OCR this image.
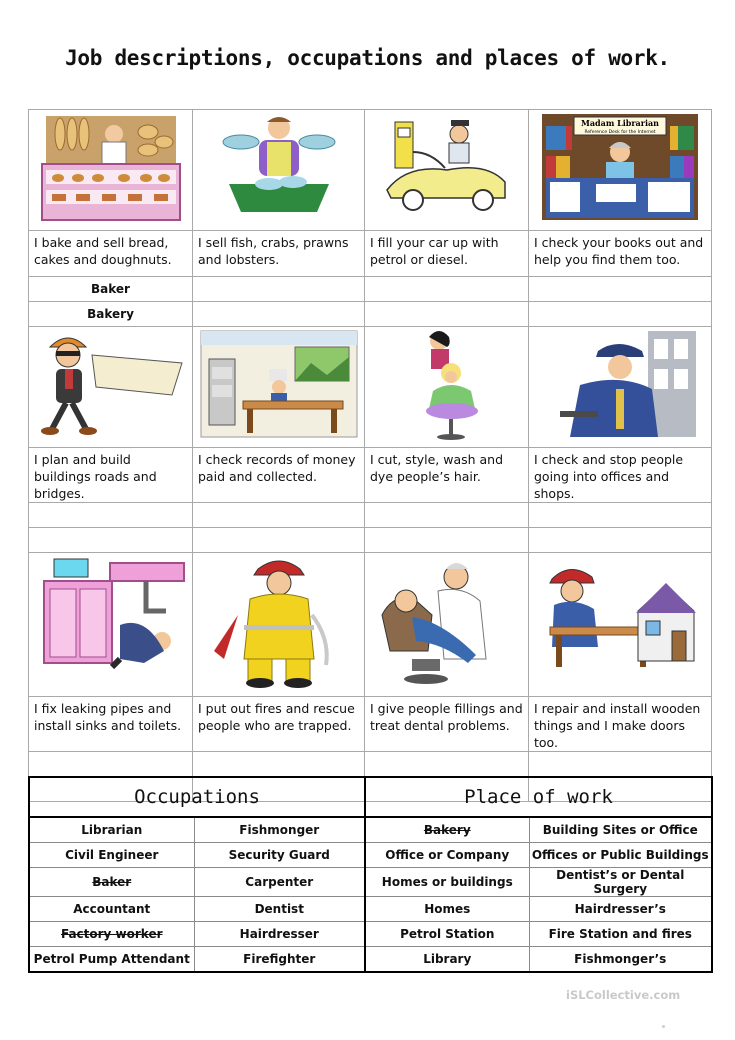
Job descriptions, occupations and places of work.

Madam Librarian
Reference Desk for the Internet

I bake and sell bread, cakes and doughnuts.	I sell fish, crabs, prawns and lobsters.	I fill your car up with petrol or diesel.	I check your books out and help you find them too.
Baker			
Bakery			

I plan and build buildings roads and bridges.	I check records of money paid and collected.	I cut, style, wash and dye people’s hair.	I check and stop people going into offices and shops.

I fix leaking pipes and install sinks and toilets.	I put out fires and rescue people who are trapped.	I give people fillings and treat dental problems.	I repair and install wooden things and I make doors too.

Occupations		Place of work	
Librarian	Fishmonger	Bakery	Building Sites or Office
Civil Engineer	Security Guard	Office or Company	Offices or Public Buildings
Baker	Carpenter	Homes or buildings	Dentist’s or Dental Surgery
Accountant	Dentist	Homes	Hairdresser’s
Factory worker	Hairdresser	Petrol Station	Fire Station and fires
Petrol Pump Attendant	Firefighter	Library	Fishmonger’s
iSLCollective.com
